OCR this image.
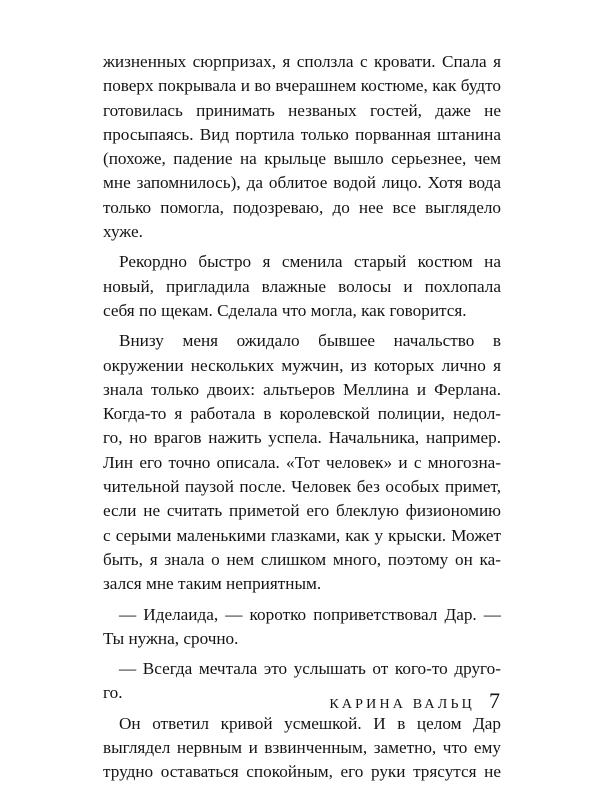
жизненных сюрпризах, я сползла с кровати. Спала я
поверх покрывала и во вчерашнем костюме, как будто
готовилась принимать незваных гостей, даже не
просыпаясь. Вид портила только порванная штанина
(похоже, падение на крыльце вышло серьезнее, чем
мне запомнилось), да облитое водой лицо. Хотя вода
только помогла, подозреваю, до нее все выглядело
хуже.
Рекордно быстро я сменила старый костюм на
новый, пригладила влажные волосы и похлопала
себя по щекам. Сделала что могла, как говорится.
Внизу меня ожидало бывшее начальство в
окружении нескольких мужчин, из которых лично я
знала только двоих: альтьеров Меллина и Ферлана.
Когда-то я работала в королевской полиции, недол-
го, но врагов нажить успела. Начальника, например.
Лин его точно описала. «Тот человек» и с многозна-
чительной паузой после. Человек без особых примет,
если не считать приметой его блеклую физиономию
с серыми маленькими глазками, как у крыски. Может
быть, я знала о нем слишком много, поэтому он ка-
зался мне таким неприятным.
— Иделаида, — коротко поприветствовал Дар. —
Ты нужна, срочно.
— Всегда мечтала это услышать от кого-то друго-
го.
Он ответил кривой усмешкой. И в целом Дар
выглядел нервным и взвинченным, заметно, что ему
трудно оставаться спокойным, его руки трясутся не
КАРИНА ВАЛЬЦ 7
